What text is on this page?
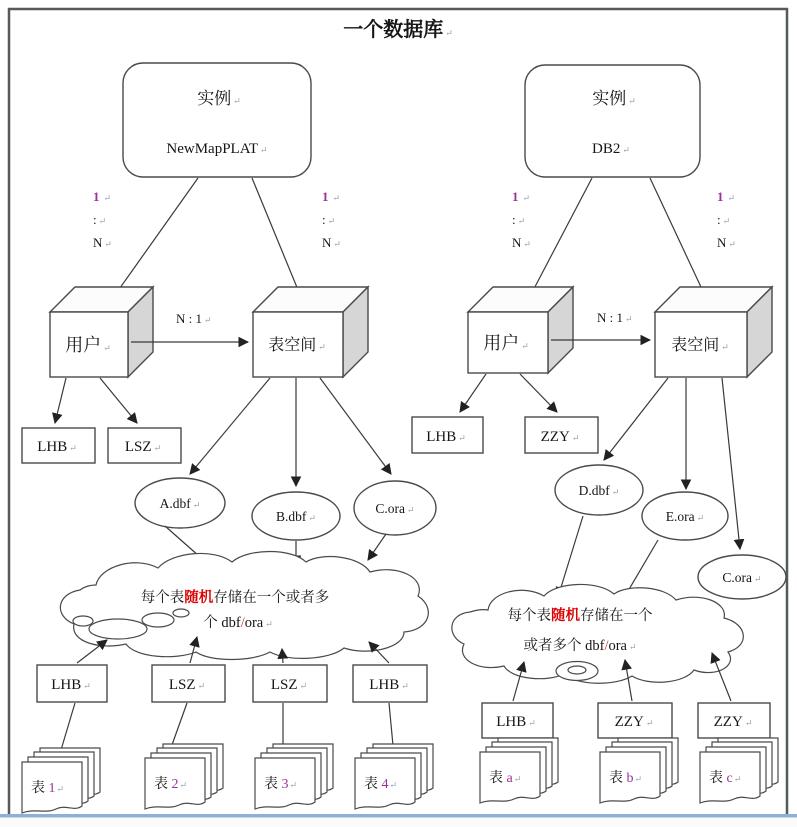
一个数据库 ↵
实例 ↵
NewMapPLAT ↵
1 ↵
: ↵
N ↵
1 ↵
: ↵
N ↵
用户 ↵	表空间 ↵
N : 1 ↵
LHB ↵	LSZ ↵
A.dbf ↵
B.dbf ↵
C.ora ↵
每个表随机存储在一个或者多
个 dbf/ora ↵
LHB ↵	LSZ ↵	LSZ ↵	LHB ↵
表 1↵	表 2↵	表 3↵	表 4↵
实例 ↵
DB2 ↵
1 ↵
: ↵
N ↵
1 ↵
: ↵
N ↵
用户 ↵	表空间 ↵
N : 1 ↵
LHB ↵	ZZY ↵
D.dbf ↵
E.ora ↵
C.ora ↵
每个表随机存储在一个
或者多个 dbf/ora ↵
LHB ↵	ZZY ↵	ZZY ↵
表 a↵	表 b↵	表 c↵
